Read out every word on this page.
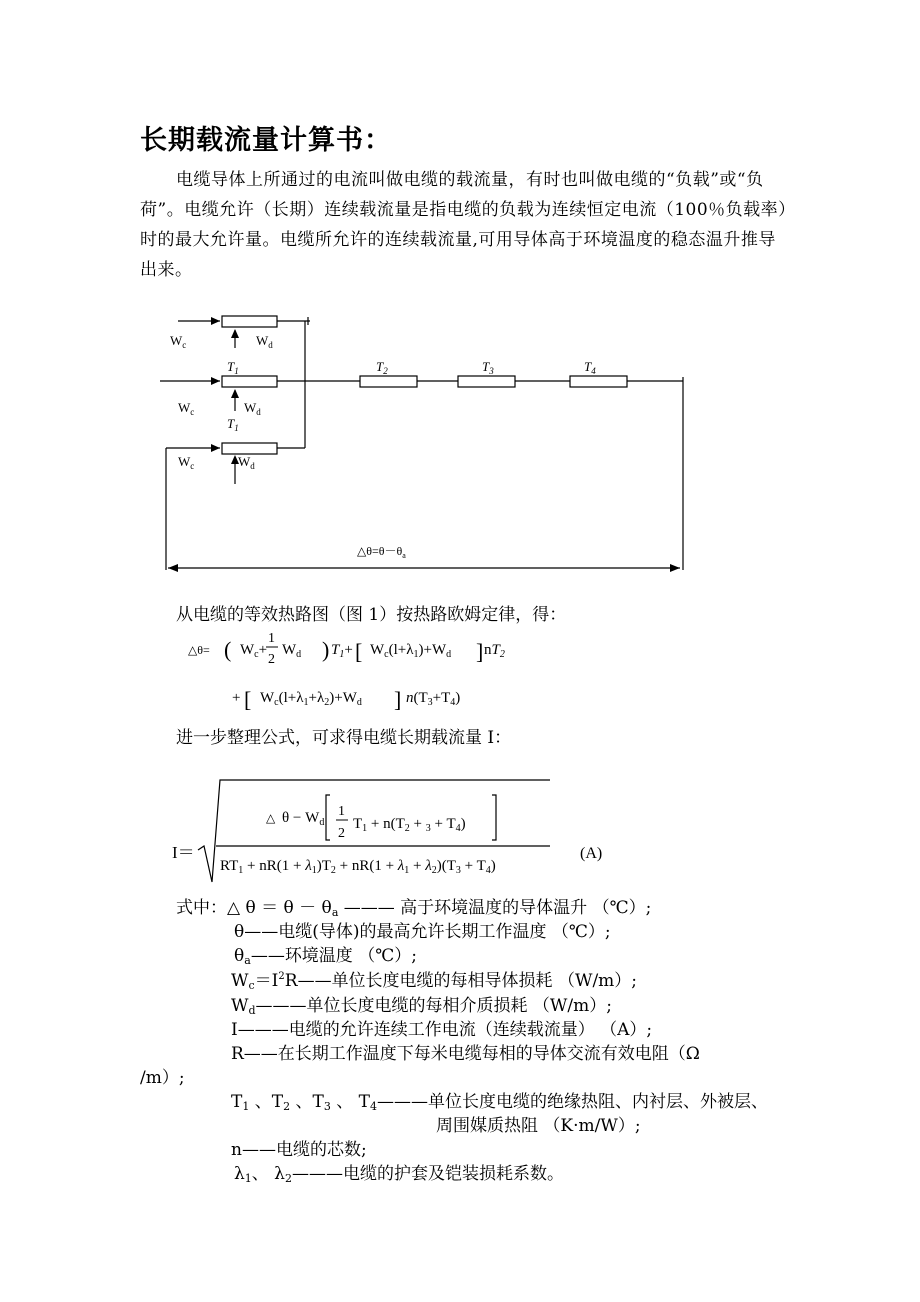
长期载流量计算书：
电缆导体上所通过的电流叫做电缆的载流量，有时也叫做电缆的“负载”或“负荷”。电缆允许（长期）连续载流量是指电缆的负载为连续恒定电流（100％负载率）时的最大允许量。电缆所允许的连续载流量,可用导体高于环境温度的稳态温升推导出来。
$W_c$	$W_d$
$T_1$	$T_2$	$T_3$	$T_4$
$W_c$	$W_d$
$T_1$
$W_c$	$W_d$
$\triangle\theta=\theta-\theta_a$
从电缆的等效热路图（图 1）按热路欧姆定律，得：
△θ= ( $W_c+$
1
2
$W_d$ ) $T_1+$ [ $W_c(l+\lambda_1)+W_d$ ] $nT_2$
+ [ $W_c(l+\lambda_1+\lambda_2)+W_d$ ] $n(T_3+T_4)$
进一步整理公式，可求得电缆长期载流量 I：
I＝
△ $\theta - W_d$
1
2
$T_1 + n(T_2 + _3 + T_4)$
$RT_1 + nR(1 + \lambda_1)T_2 + nR(1 + \lambda_1 + \lambda_2)(T_3 + T_4)$
(A)
式中：△ $\theta = \theta - \theta_a$ ——— 高于环境温度的导体温升 （℃）;
θ——电缆(导体)的最高允许长期工作温度 （℃）;
$\theta_a——$环境温度 （℃）;
$W_c=I^2R——$单位长度电缆的每相导体损耗 （W/m）;
$W_d———$单位长度电缆的每相介质损耗 （W/m）;
I———电缆的允许连续工作电流（连续载流量） （A）;
R——在长期工作温度下每米电缆每相的导体交流有效电阻（Ω
/m）;
$T_1$ 、$T_2$ 、$T_3$ 、 $T_4———$单位长度电缆的绝缘热阻、内衬层、外被层、
周围媒质热阻 （K·m/W）;
n——电缆的芯数;
$\lambda_1$、 $\lambda_2———$电缆的护套及铠装损耗系数。
